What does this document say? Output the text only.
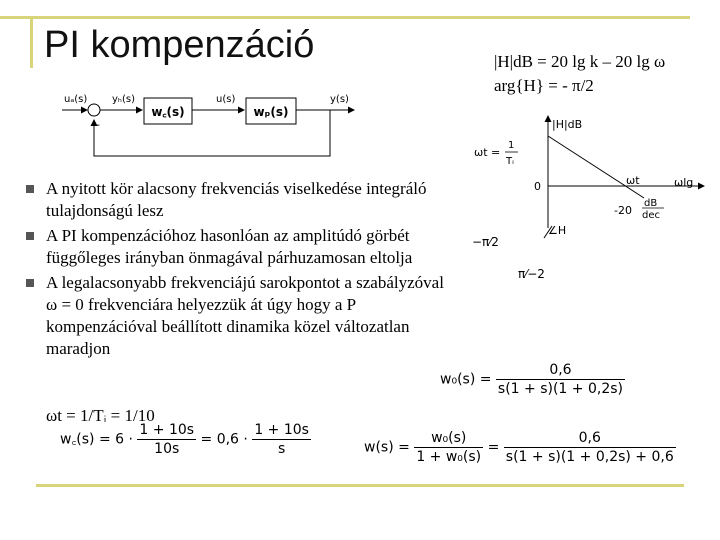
PI kompenzáció	|H|dB = 20 lg k – 20 lg ω
arg{H} = - π/2
uₐ(s) yₕ(s)	u(s)	y(s)
-
w꜀(s)	wₚ(s)
|H|dB
ωlg
0	ωt
-20
dB
dec
ωt =
1
Tᵢ
∠H
−π⁄2
π⁄−2
A nyitott kör alacsony frekvenciás viselkedése integráló tulajdonságú lesz
A PI kompenzációhoz hasonlóan az amplitúdó görbét függőleges irányban önmagával párhuzamosan eltolja
A legalacsonyabb frekvenciájú sarokpontot a szabályzóval ω = 0 frekvenciára helyezzük át úgy hogy a P kompenzációval beállított dinamika közel változatlan maradjon
ωt = 1/Tᵢ = 1/10
w꜀(s) = $6 \cdot \frac{1 + 10s}{10s} = 0,6 \cdot \frac{1 + 10s}{s}$
$w_0(s) = \frac{0,6}{s(1 + s)(1 + 0,2s)}$
$w(s) = \frac{\text{w₀(s)}}{\text{1 + w₀(s)}} = \frac{0,6}{s(1 + s)(1 + 0,2s) + 0,6}$
